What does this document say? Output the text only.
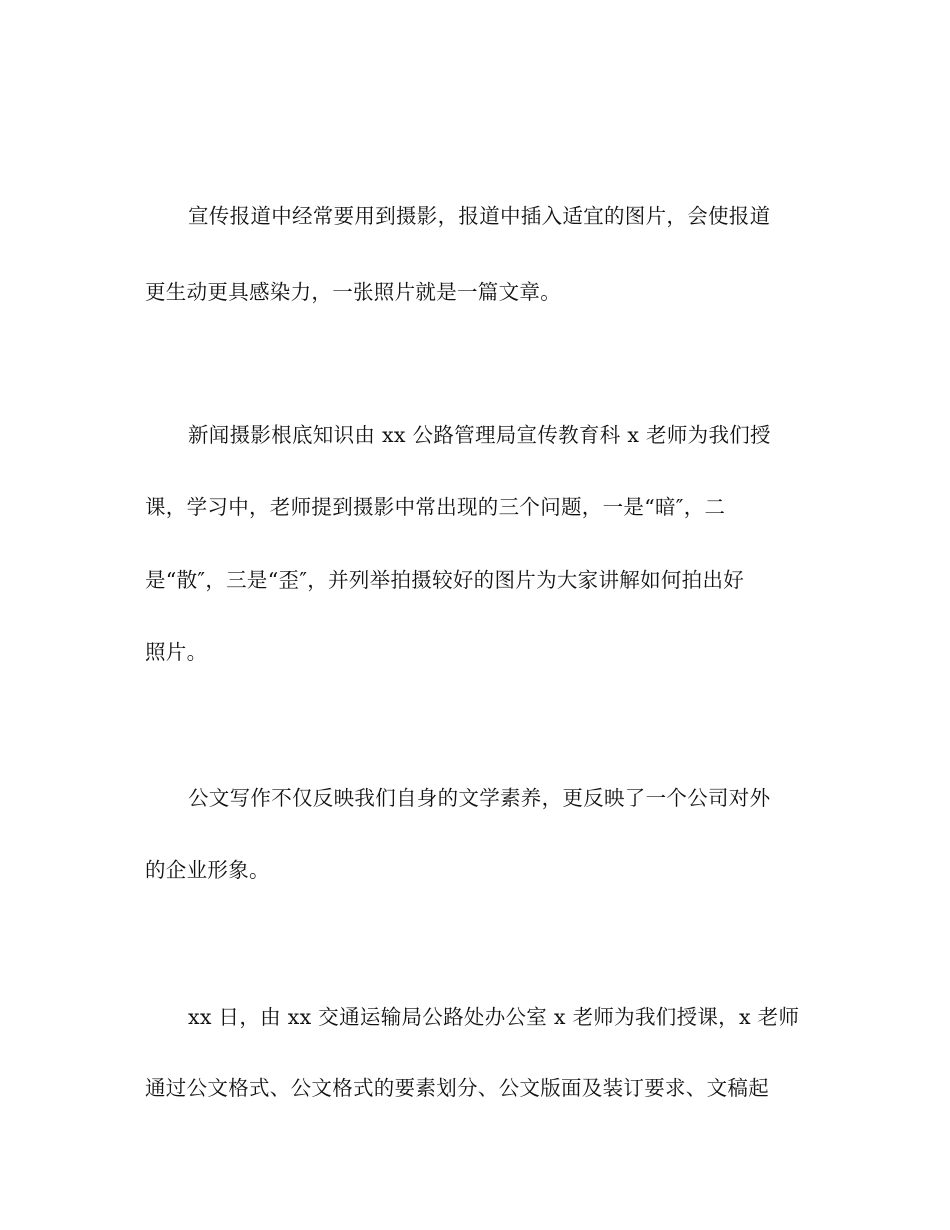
宣传报道中经常要用到摄影，报道中插入适宜的图片，会使报道
更生动更具感染力，一张照片就是一篇文章。
新闻摄影根底知识由 xx 公路管理局宣传教育科 x 老师为我们授
课，学习中，老师提到摄影中常出现的三个问题，一是“暗″，二
是“散″，三是“歪″，并列举拍摄较好的图片为大家讲解如何拍出好
照片。
公文写作不仅反映我们自身的文学素养，更反映了一个公司对外
的企业形象。
xx 日，由 xx 交通运输局公路处办公室 x 老师为我们授课，x 老师
通过公文格式、公文格式的要素划分、公文版面及装订要求、文稿起
